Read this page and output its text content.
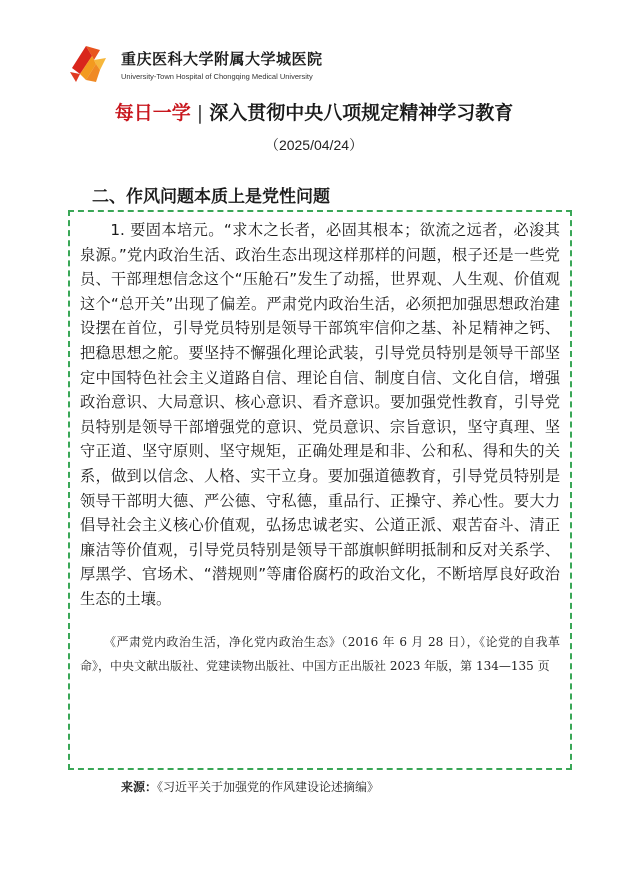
重庆医科大学附属大学城医院
University-Town Hospital of Chongqing Medical University
每日一学 | 深入贯彻中央八项规定精神学习教育
（2025/04/24）
二、作风问题本质上是党性问题

1. 要固本培元。“求木之长者，必固其根本；欲流之远者，必浚其泉源。”党内政治生活、政治生态出现这样那样的问题，根子还是一些党员、干部理想信念这个“压舱石”发生了动摇，世界观、人生观、价值观这个“总开关”出现了偏差。严肃党内政治生活，必须把加强思想政治建设摆在首位，引导党员特别是领导干部筑牢信仰之基、补足精神之钙、把稳思想之舵。要坚持不懈强化理论武装，引导党员特别是领导干部坚定中国特色社会主义道路自信、理论自信、制度自信、文化自信，增强政治意识、大局意识、核心意识、看齐意识。要加强党性教育，引导党员特别是领导干部增强党的意识、党员意识、宗旨意识，坚守真理、坚守正道、坚守原则、坚守规矩，正确处理是和非、公和私、得和失的关系，做到以信念、人格、实干立身。要加强道德教育，引导党员特别是领导干部明大德、严公德、守私德，重品行、正操守、养心性。要大力倡导社会主义核心价值观，弘扬忠诚老实、公道正派、艰苦奋斗、清正廉洁等价值观，引导党员特别是领导干部旗帜鲜明抵制和反对关系学、厚黑学、官场术、“潜规则”等庸俗腐朽的政治文化，不断培厚良好政治生态的土壤。

《严肃党内政治生活，净化党内政治生态》（2016 年 6 月 28 日），《论党的自我革命》，中央文献出版社、党建读物出版社、中国方正出版社 2023 年版，第 134—135 页

来源：《习近平关于加强党的作风建设论述摘编》
